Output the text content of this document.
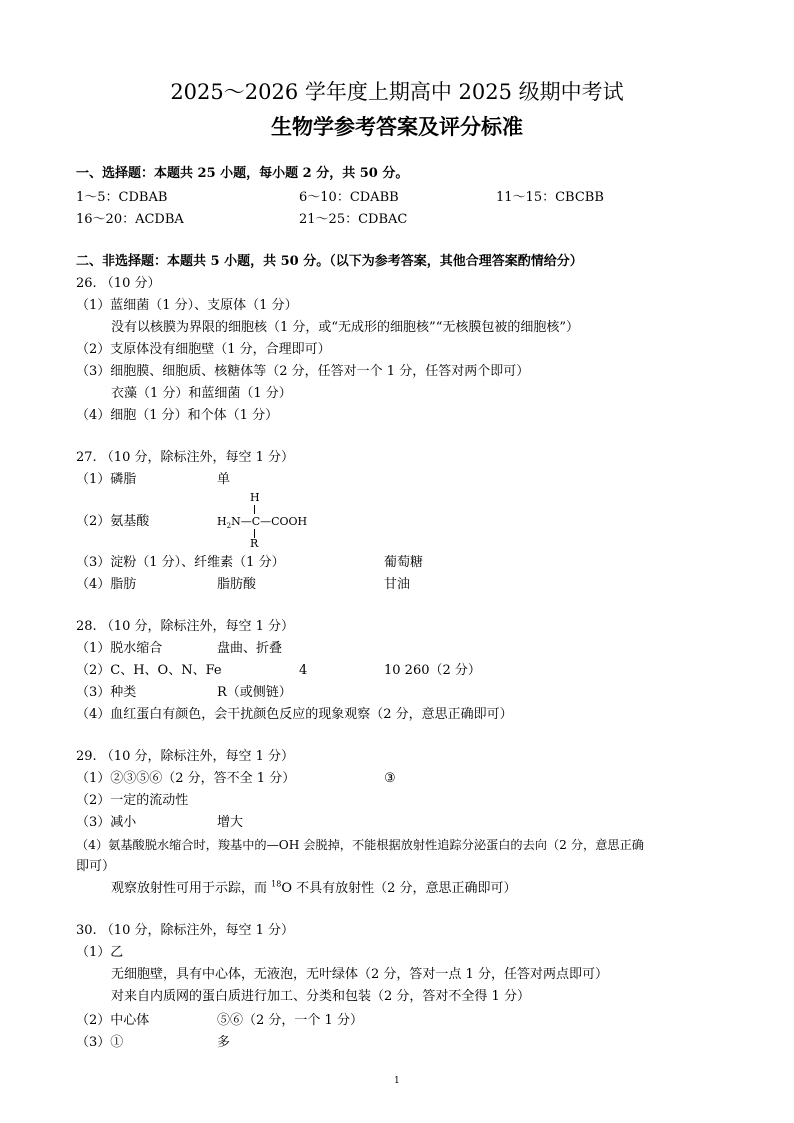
2025～2026 学年度上期高中 2025 级期中考试
生物学参考答案及评分标准
一、选择题：本题共 25 小题，每小题 2 分，共 50 分。
1～5：CDBAB	6～10：CDABB	11～15：CBCBB
16～20：ACDBA	21～25：CDBAC
二、非选择题：本题共 5 小题，共 50 分。（以下为参考答案，其他合理答案酌情给分）
26. （10 分）
（1）蓝细菌（1 分）、支原体（1 分）
没有以核膜为界限的细胞核（1 分，或“无成形的细胞核”“无核膜包被的细胞核”）
（2）支原体没有细胞壁（1 分，合理即可）
（3）细胞膜、细胞质、核糖体等（2 分，任答对一个 1 分，任答对两个即可）
衣藻（1 分）和蓝细菌（1 分）
（4）细胞（1 分）和个体（1 分）
27. （10 分，除标注外，每空 1 分）
（1）磷脂	单
（2）氨基酸
H
$H_2N—C—COOH$
R
（3）淀粉（1 分）、纤维素（1 分）	葡萄糖
（4）脂肪	脂肪酸	甘油
28. （10 分，除标注外，每空 1 分）
（1）脱水缩合	盘曲、折叠
（2）C、H、O、N、Fe	4	10 260（2 分）
（3）种类	R（或侧链）
（4）血红蛋白有颜色，会干扰颜色反应的现象观察（2 分，意思正确即可）
29. （10 分，除标注外，每空 1 分）
（1）②③⑤⑥（2 分，答不全 1 分）	③
（2）一定的流动性
（3）减小	增大
（4）氨基酸脱水缩合时，羧基中的—OH 会脱掉，不能根据放射性追踪分泌蛋白的去向（2 分，意思正确
即可）
观察放射性可用于示踪，而 $^{18}$O 不具有放射性（2 分，意思正确即可）
30. （10 分，除标注外，每空 1 分）
（1）乙
无细胞壁，具有中心体，无液泡，无叶绿体（2 分，答对一点 1 分，任答对两点即可）
对来自内质网的蛋白质进行加工、分类和包装（2 分，答对不全得 1 分）
（2）中心体	⑤⑥（2 分，一个 1 分）
（3）①	多
1
